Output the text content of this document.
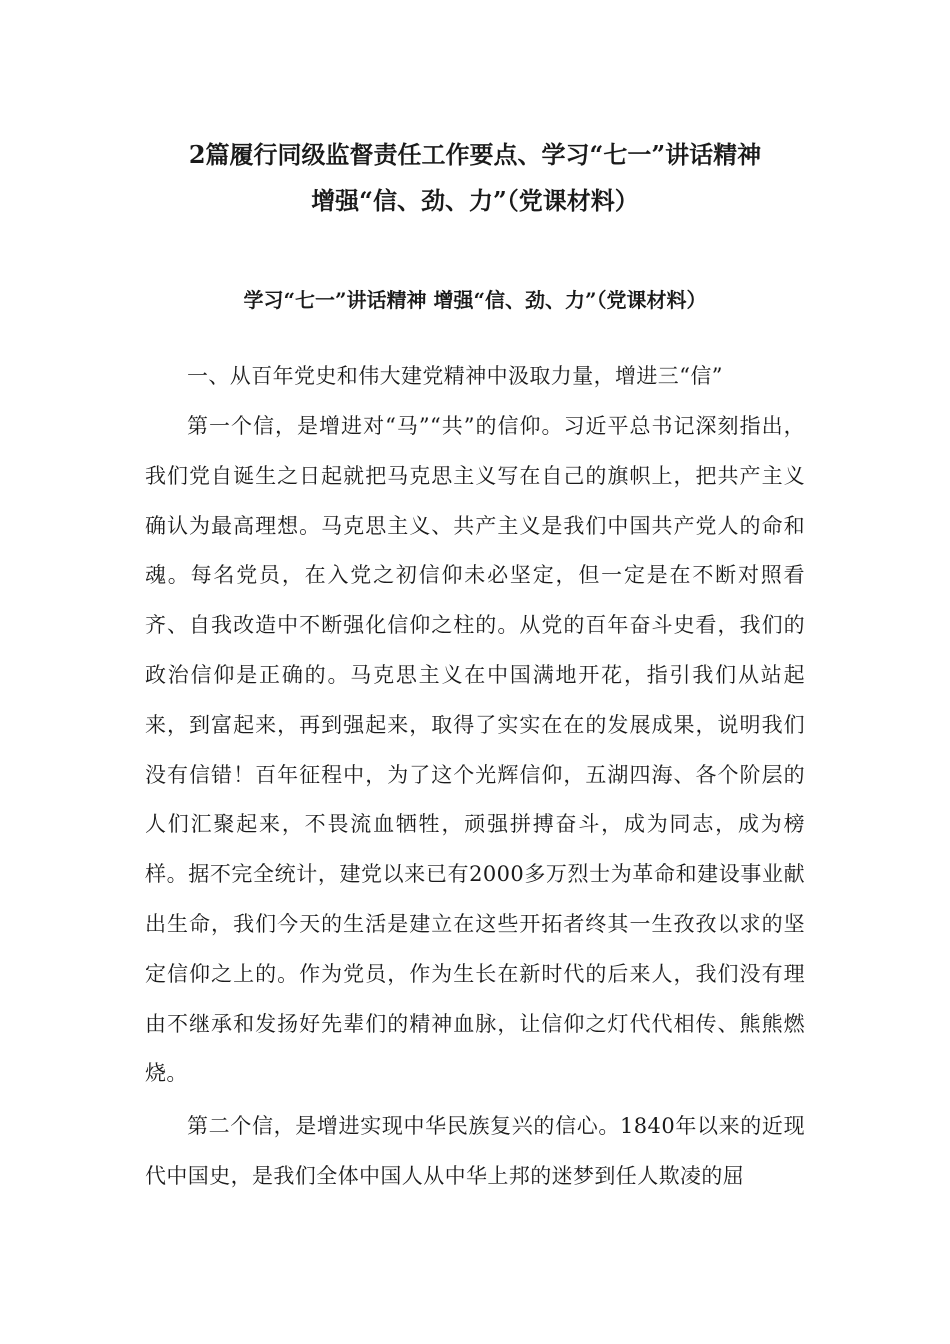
2篇履行同级监督责任工作要点、学习“七一”讲话精神
增强“信、劲、力”（党课材料）
学习“七一”讲话精神 增强“信、劲、力”（党课材料）

一、从百年党史和伟大建党精神中汲取力量，增进三“信”

第一个信，是增进对“马”“共”的信仰。习近平总书记深刻指出，我们党自诞生之日起就把马克思主义写在自己的旗帜上，把共产主义确认为最高理想。马克思主义、共产主义是我们中国共产党人的命和魂。每名党员，在入党之初信仰未必坚定，但一定是在不断对照看齐、自我改造中不断强化信仰之柱的。从党的百年奋斗史看，我们的政治信仰是正确的。马克思主义在中国满地开花，指引我们从站起来，到富起来，再到强起来，取得了实实在在的发展成果，说明我们没有信错！百年征程中，为了这个光辉信仰，五湖四海、各个阶层的人们汇聚起来，不畏流血牺牲，顽强拼搏奋斗，成为同志，成为榜样。据不完全统计，建党以来已有2000多万烈士为革命和建设事业献出生命，我们今天的生活是建立在这些开拓者终其一生孜孜以求的坚定信仰之上的。作为党员，作为生长在新时代的后来人，我们没有理由不继承和发扬好先辈们的精神血脉，让信仰之灯代代相传、熊熊燃烧。

第二个信，是增进实现中华民族复兴的信心。1840年以来的近现代中国史，是我们全体中国人从中华上邦的迷梦到任人欺凌的屈
